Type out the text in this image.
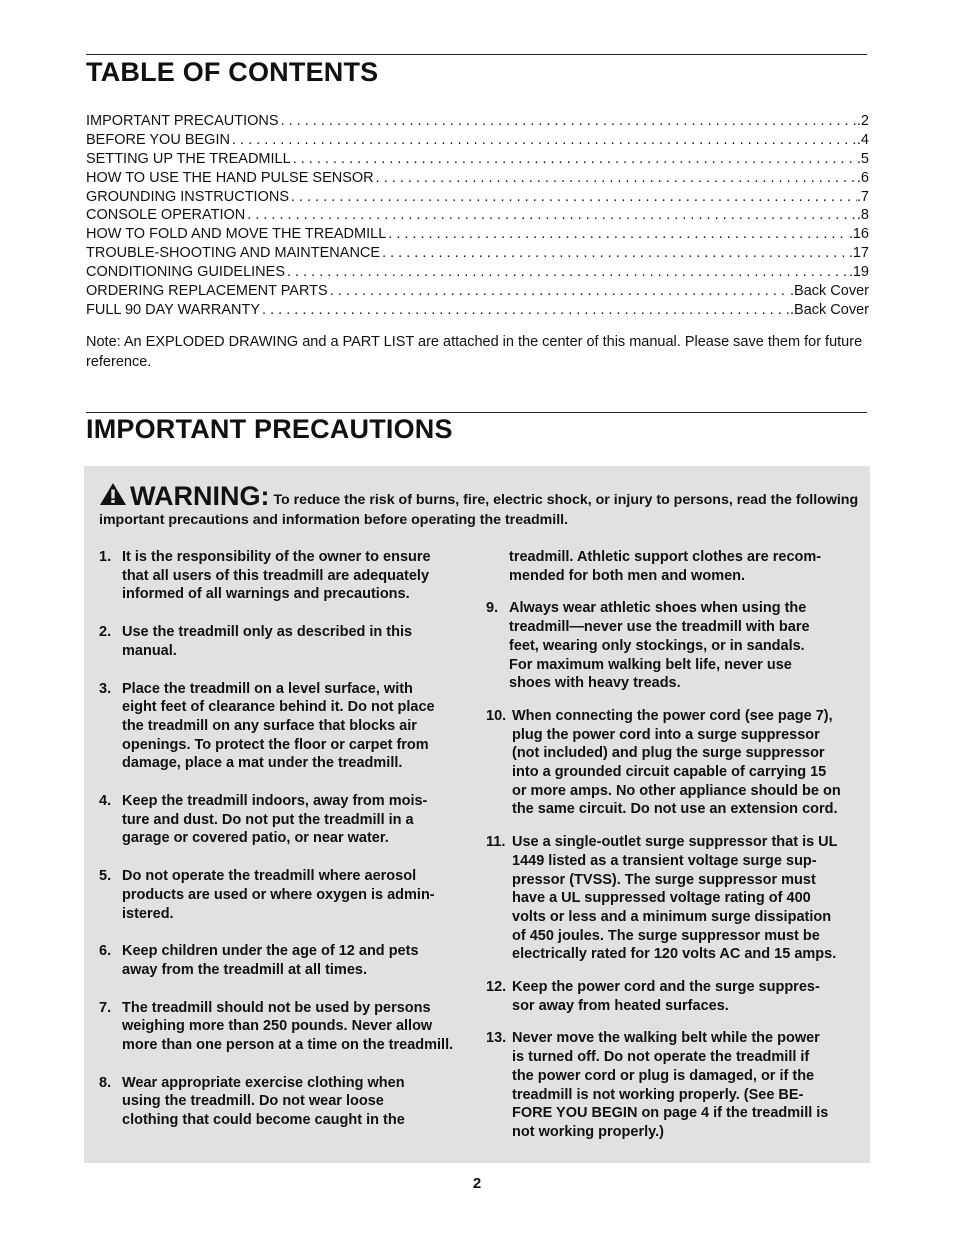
TABLE OF CONTENTS
IMPORTANT PRECAUTIONS . . .	.2
BEFORE YOU BEGIN . . .	.4
SETTING UP THE TREADMILL . . .	.5
HOW TO USE THE HAND PULSE SENSOR . . .	.6
GROUNDING INSTRUCTIONS . . .	.7
CONSOLE OPERATION . . .	.8
HOW TO FOLD AND MOVE THE TREADMILL . . .	.16
TROUBLE-SHOOTING AND MAINTENANCE . . .	.17
CONDITIONING GUIDELINES . . .	.19
ORDERING REPLACEMENT PARTS . . .	.Back Cover
FULL 90 DAY WARRANTY . . .	.Back Cover

Note: An EXPLODED DRAWING and a PART LIST are attached in the center of this manual. Please save them for future reference.

IMPORTANT PRECAUTIONS

WARNING: To reduce the risk of burns, fire, electric shock, or injury to persons, read the following important precautions and information before operating the treadmill.

1. It is the responsibility of the owner to ensure
that all users of this treadmill are adequately
informed of all warnings and precautions.
2. Use the treadmill only as described in this
manual.
3. Place the treadmill on a level surface, with
eight feet of clearance behind it. Do not place
the treadmill on any surface that blocks air
openings. To protect the floor or carpet from
damage, place a mat under the treadmill.
4. Keep the treadmill indoors, away from mois-
ture and dust. Do not put the treadmill in a
garage or covered patio, or near water.
5. Do not operate the treadmill where aerosol
products are used or where oxygen is admin-
istered.
6. Keep children under the age of 12 and pets
away from the treadmill at all times.
7. The treadmill should not be used by persons
weighing more than 250 pounds. Never allow
more than one person at a time on the treadmill.
8. Wear appropriate exercise clothing when
using the treadmill. Do not wear loose
clothing that could become caught in the
treadmill. Athletic support clothes are recom-
mended for both men and women.
9. Always wear athletic shoes when using the
treadmill—never use the treadmill with bare
feet, wearing only stockings, or in sandals.
For maximum walking belt life, never use
shoes with heavy treads.
10. When connecting the power cord (see page 7),
plug the power cord into a surge suppressor
(not included) and plug the surge suppressor
into a grounded circuit capable of carrying 15
or more amps. No other appliance should be on
the same circuit. Do not use an extension cord.
11. Use a single-outlet surge suppressor that is UL
1449 listed as a transient voltage surge sup-
pressor (TVSS). The surge suppressor must
have a UL suppressed voltage rating of 400
volts or less and a minimum surge dissipation
of 450 joules. The surge suppressor must be
electrically rated for 120 volts AC and 15 amps.
12. Keep the power cord and the surge suppres-
sor away from heated surfaces.
13. Never move the walking belt while the power
is turned off. Do not operate the treadmill if
the power cord or plug is damaged, or if the
treadmill is not working properly. (See BE-
FORE YOU BEGIN on page 4 if the treadmill is
not working properly.)

2
